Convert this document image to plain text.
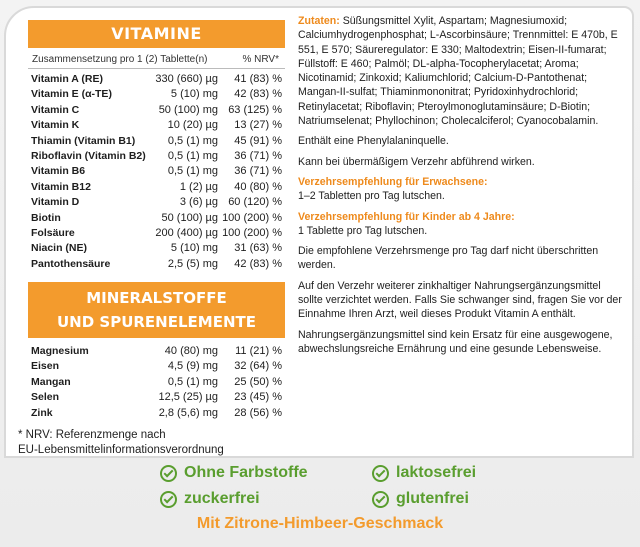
VITAMINE
Zusammensetzung pro 1 (2) Tablette(n)	% NRV*
Vitamin A (RE)	330 (660) µg	41 (83) %
Vitamin E (α-TE)	5 (10) mg	42 (83) %
Vitamin C	50 (100) mg 63 (125) %
Vitamin K	10 (20) µg	13 (27) %
Thiamin (Vitamin B1)	0,5 (1) mg	45 (91) %
Riboflavin (Vitamin B2)	0,5 (1) mg	36 (71) %
Vitamin B6	0,5 (1) mg	36 (71) %
Vitamin B12	1 (2) µg	40 (80) %
Vitamin D	3 (6) µg 60 (120) %
Biotin	50 (100) µg 100 (200) %
Folsäure	200 (400) µg 100 (200) %
Niacin (NE)	5 (10) mg	31 (63) %
Pantothensäure	2,5 (5) mg	42 (83) %
MINERALSTOFFE
UND SPURENELEMENTE
Magnesium	40 (80) mg	11 (21) %
Eisen	4,5 (9) mg	32 (64) %
Mangan	0,5 (1) mg	25 (50) %
Selen	12,5 (25) µg	23 (45) %
Zink	2,8 (5,6) mg	28 (56) %
* NRV: Referenzmenge nach
EU-Lebensmittelinformationsverordnung

Zutaten: Süßungsmittel Xylit, Aspartam; Magnesiumoxid; Calciumhydrogenphosphat; L-Ascorbinsäure; Trennmittel: E 470b, E 551, E 570; Säureregulator: E 330; Maltodextrin; Eisen-II-fumarat; Füllstoff: E 460; Palmöl; DL-alpha-Tocopherylacetat; Aroma; Nicotinamid; Zinkoxid; Kaliumchlorid; Calcium-D-Pantothenat; Mangan-II-sulfat; Thiaminmononitrat; Pyridoxinhydrochlorid; Retinylacetat; Riboflavin; Pteroylmonoglutaminsäure; D-Biotin; Natriumselenat; Phyllochinon; Cholecalciferol; Cyanocobalamin.

Enthält eine Phenylalaninquelle.

Kann bei übermäßigem Verzehr abführend wirken.

Verzehrsempfehlung für Erwachsene:

1–2 Tabletten pro Tag lutschen.

Verzehrsempfehlung für Kinder ab 4 Jahre:

1 Tablette pro Tag lutschen.

Die empfohlene Verzehrsmenge pro Tag darf nicht überschritten werden.

Auf den Verzehr weiterer zinkhaltiger Nahrungsergänzungsmittel sollte verzichtet werden. Falls Sie schwanger sind, fragen Sie vor der Einnahme Ihren Arzt, weil dieses Produkt Vitamin A enthält.

Nahrungsergänzungsmittel sind kein Ersatz für eine ausgewogene, abwechslungsreiche Ernährung und eine gesunde Lebensweise.

Ohne Farbstoffe	laktosefrei
zuckerfrei	glutenfrei
Mit Zitrone-Himbeer-Geschmack
